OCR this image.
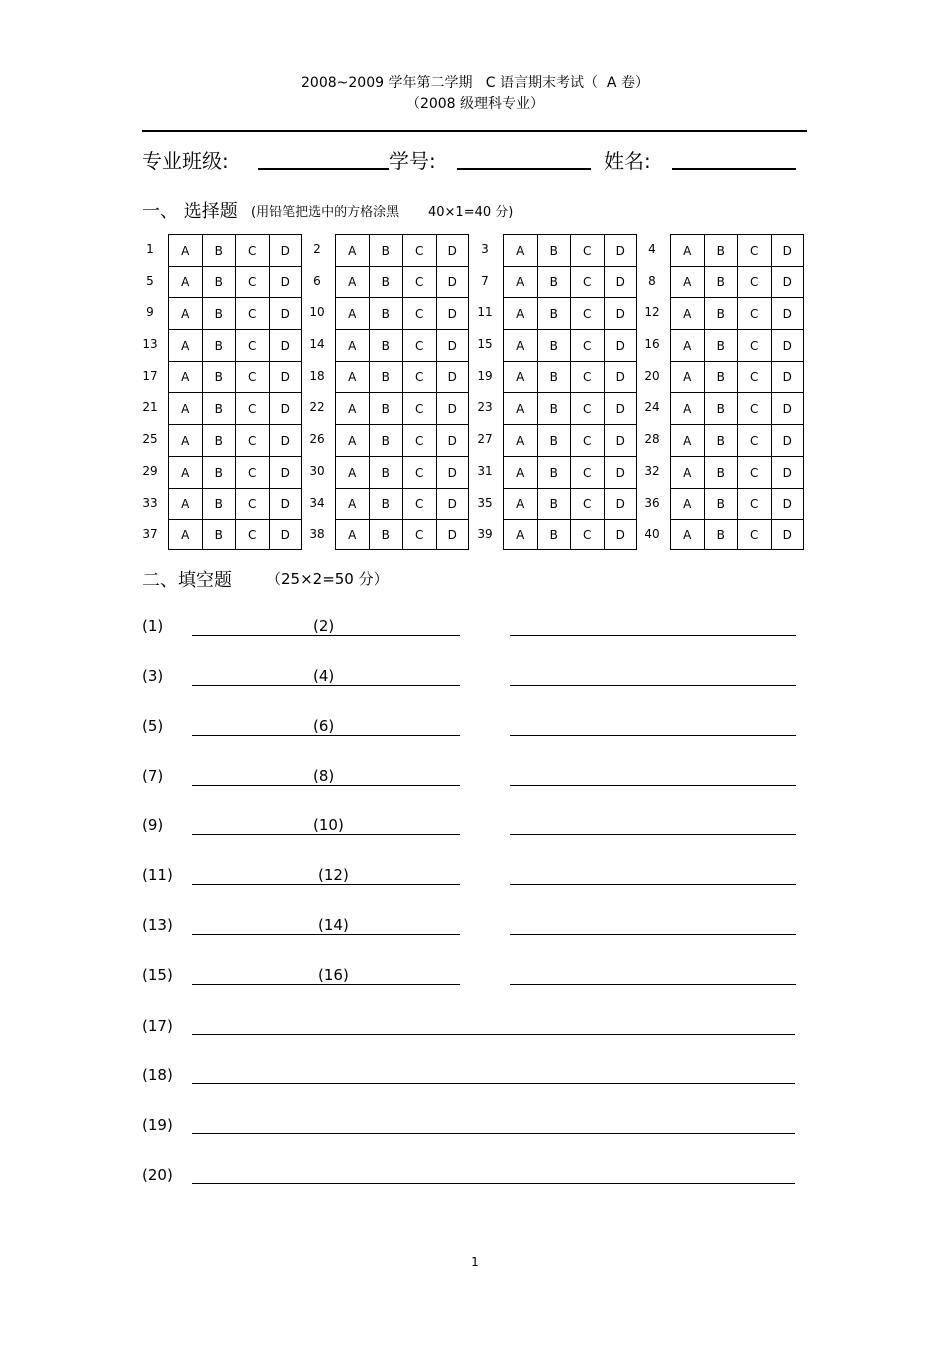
2008~2009 学年第二学期   C 语言期末考试（  A 卷）
（2008 级理科专业）
专业班级:	学号:	姓名:
一、 选择题 (用铅笔把选中的方格涂黑       40×1=40 分)
1	A	B	C	D	2	A	B	C	D	3	A	B	C	D	4	A	B	C	D
5	A	B	C	D	6	A	B	C	D	7	A	B	C	D	8	A	B	C	D
9	A	B	C	D	10	A	B	C	D	11	A	B	C	D	12	A	B	C	D
13	A	B	C	D	14	A	B	C	D	15	A	B	C	D	16	A	B	C	D
17	A	B	C	D	18	A	B	C	D	19	A	B	C	D	20	A	B	C	D
21	A	B	C	D	22	A	B	C	D	23	A	B	C	D	24	A	B	C	D
25	A	B	C	D	26	A	B	C	D	27	A	B	C	D	28	A	B	C	D
29	A	B	C	D	30	A	B	C	D	31	A	B	C	D	32	A	B	C	D
33	A	B	C	D	34	A	B	C	D	35	A	B	C	D	36	A	B	C	D
37	A	B	C	D	38	A	B	C	D	39	A	B	C	D	40	A	B	C	D
二、填空题 （25×2=50 分）
(1)	(2)
(3)	(4)
(5)	(6)
(7)	(8)
(9)	(10)
(11)	(12)
(13)	(14)
(15)	(16)
(17)
(18)
(19)
(20)
1
